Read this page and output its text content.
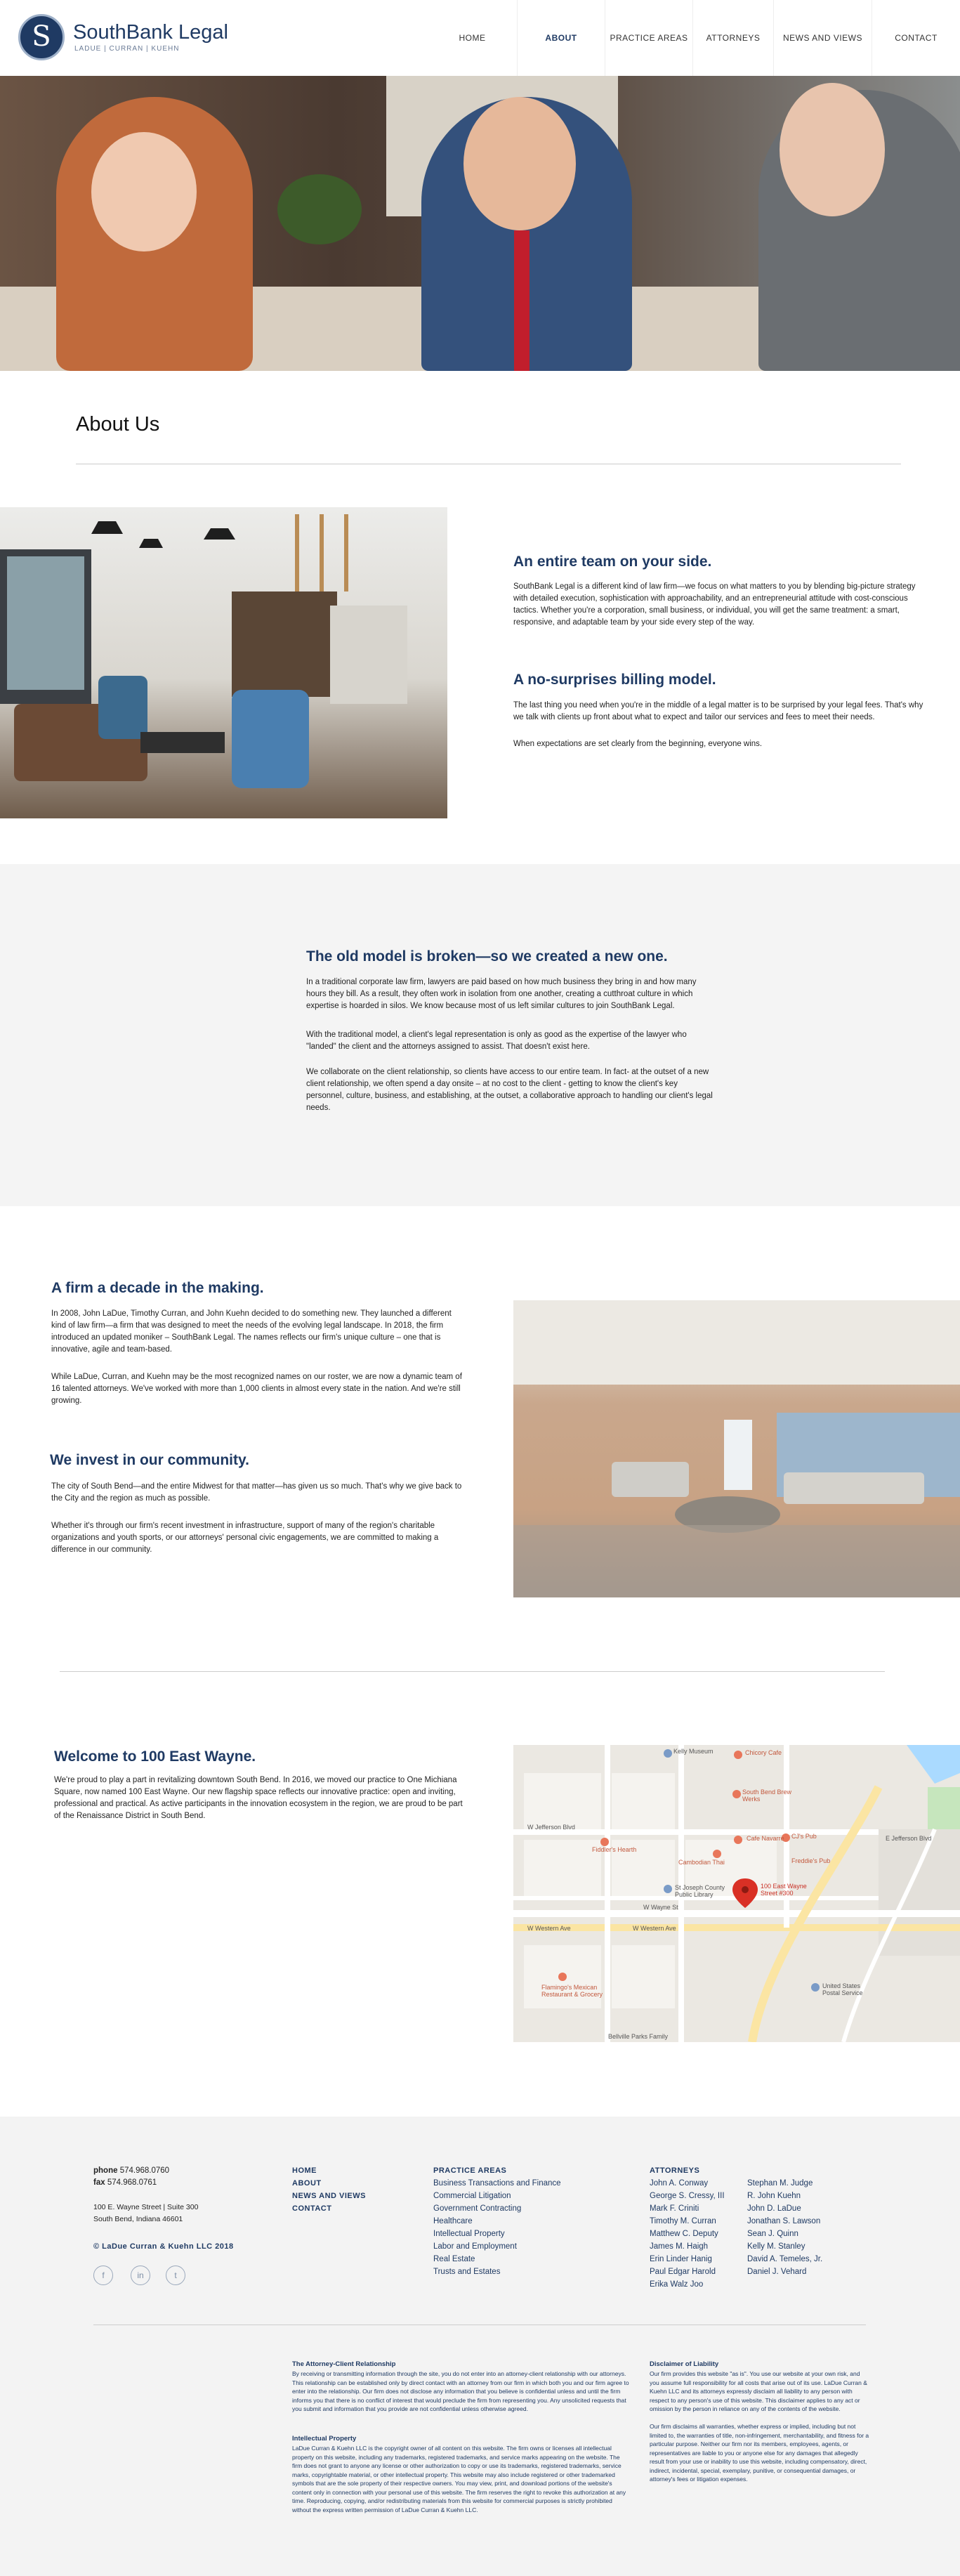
S	SouthBank Legal
LADUE | CURRAN | KUEHN
HOME	ABOUT	PRACTICE AREAS	ATTORNEYS	NEWS AND VIEWS	CONTACT
About Us
An entire team on your side.
SouthBank Legal is a different kind of law firm—we focus on what matters to you by blending big-picture strategy with detailed execution, sophistication with approachability, and an entrepreneurial attitude with cost-conscious tactics. Whether you're a corporation, small business, or individual, you will get the same treatment: a smart, responsive, and adaptable team by your side every step of the way.
A no-surprises billing model.
The last thing you need when you're in the middle of a legal matter is to be surprised by your legal fees. That's why we talk with clients up front about what to expect and tailor our services and fees to meet their needs.
When expectations are set clearly from the beginning, everyone wins.
The old model is broken—so we created a new one.
In a traditional corporate law firm, lawyers are paid based on how much business they bring in and how many hours they bill. As a result, they often work in isolation from one another, creating a cutthroat culture in which expertise is hoarded in silos. We know because most of us left similar cultures to join SouthBank Legal.
With the traditional model, a client's legal representation is only as good as the expertise of the lawyer who "landed" the client and the attorneys assigned to assist. That doesn't exist here.
We collaborate on the client relationship, so clients have access to our entire team. In fact- at the outset of a new client relationship, we often spend a day onsite – at no cost to the client - getting to know the client's key personnel, culture, business, and establishing, at the outset, a collaborative approach to handling our client's legal needs.
A firm a decade in the making.
In 2008, John LaDue, Timothy Curran, and John Kuehn decided to do something new. They launched a different kind of law firm—a firm that was designed to meet the needs of the evolving legal landscape. In 2018, the firm introduced an updated moniker – SouthBank Legal. The names reflects our firm's unique culture – one that is innovative, agile and team-based.
While LaDue, Curran, and Kuehn may be the most recognized names on our roster, we are now a dynamic team of 16 talented attorneys. We've worked with more than 1,000 clients in almost every state in the nation. And we're still growing.
We invest in our community.
The city of South Bend—and the entire Midwest for that matter—has given us so much. That's why we give back to the City and the region as much as possible.
Whether it's through our firm's recent investment in infrastructure, support of many of the region's charitable organizations and youth sports, or our attorneys' personal civic engagements, we are committed to making a difference in our community.
Welcome to 100 East Wayne.
We're proud to play a part in revitalizing downtown South Bend. In 2016, we moved our practice to One Michiana Square, now named 100 East Wayne. Our new flagship space reflects our innovative practice: open and inviting, professional and practical. As active participants in the innovation ecosystem in the region, we are proud to be part of the Renaissance District in South Bend.
Kelly Museum	Chicory Cafe
South Bend Brew Werks
Fiddler's Hearth
Cambodian Thai
Cafe Navarre CJ's Pub
St Joseph County Public Library
Freddie's Pub
100 East Wayne Street #300
W Wayne St
W Western Ave	W Western Ave
W Jefferson Blvd
E Jefferson Blvd
United States Postal Service
Flamingo's Mexican Restaurant & Grocery
Bellville Parks Family
phone 574.968.0760
fax 574.968.0761
100 E. Wayne Street | Suite 300
South Bend, Indiana 46601
© LaDue Curran & Kuehn LLC 2018
f	in	t
HOME
ABOUT
NEWS AND VIEWS
CONTACT
PRACTICE AREAS
Business Transactions and Finance
Commercial Litigation
Government Contracting
Healthcare
Intellectual Property
Labor and Employment
Real Estate
Trusts and Estates
ATTORNEYS
John A. Conway
George S. Cressy, III
Mark F. Criniti
Timothy M. Curran
Matthew C. Deputy
James M. Haigh
Erin Linder Hanig
Paul Edgar Harold
Erika Walz Joo
Stephan M. Judge
R. John Kuehn
John D. LaDue
Jonathan S. Lawson
Sean J. Quinn
Kelly M. Stanley
David A. Temeles, Jr.
Daniel J. Vehard
The Attorney-Client Relationship
By receiving or transmitting information through the site, you do not enter into an attorney-client relationship with our attorneys. This relationship can be established only by direct contact with an attorney from our firm in which both you and our firm agree to enter into the relationship. Our firm does not disclose any information that you believe is confidential unless and until the firm informs you that there is no conflict of interest that would preclude the firm from representing you. Any unsolicited requests that you submit and information that you provide are not confidential unless otherwise agreed.
Intellectual Property
LaDue Curran & Kuehn LLC is the copyright owner of all content on this website. The firm owns or licenses all intellectual property on this website, including any trademarks, registered trademarks, and service marks appearing on the website. The firm does not grant to anyone any license or other authorization to copy or use its trademarks, registered trademarks, service marks, copyrightable material, or other intellectual property. This website may also include registered or other trademarked symbols that are the sole property of their respective owners. You may view, print, and download portions of the website's content only in connection with your personal use of this website. The firm reserves the right to revoke this authorization at any time. Reproducing, copying, and/or redistributing materials from this website for commercial purposes is strictly prohibited without the express written permission of LaDue Curran & Kuehn LLC.
Disclaimer of Liability
Our firm provides this website "as is". You use our website at your own risk, and you assume full responsibility for all costs that arise out of its use. LaDue Curran & Kuehn LLC and its attorneys expressly disclaim all liability to any person with respect to any person's use of this website. This disclaimer applies to any act or omission by the person in reliance on any of the contents of the website.
Our firm disclaims all warranties, whether express or implied, including but not limited to, the warranties of title, non-infringement, merchantability, and fitness for a particular purpose. Neither our firm nor its members, employees, agents, or representatives are liable to you or anyone else for any damages that allegedly result from your use or inability to use this website, including compensatory, direct, indirect, incidental, special, exemplary, punitive, or consequential damages, or attorney's fees or litigation expenses.
